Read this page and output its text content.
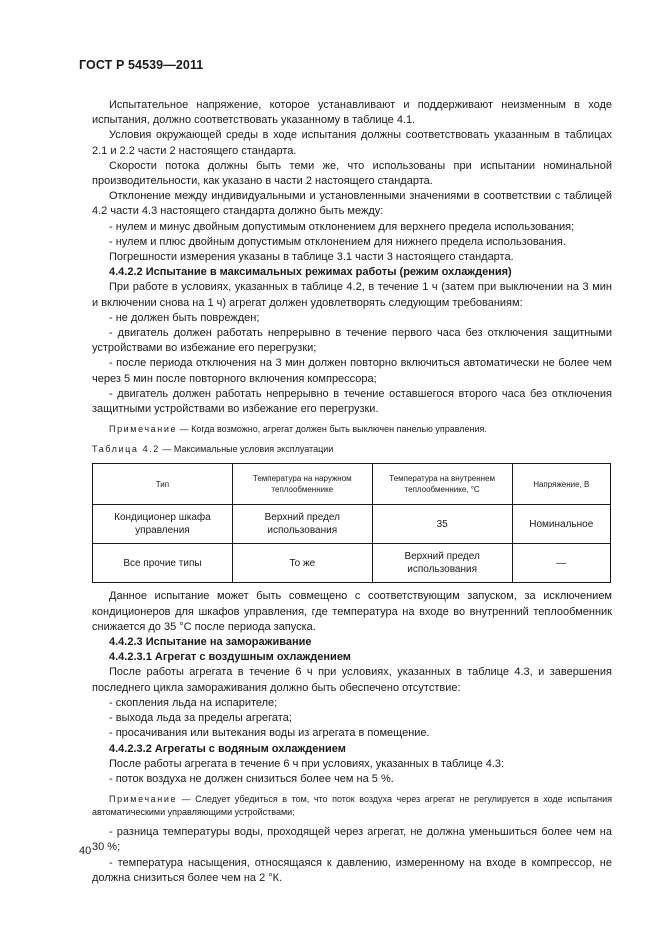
ГОСТ Р 54539—2011

Испытательное напряжение, которое устанавливают и поддерживают неизменным в ходе испытания, должно соответствовать указанному в таблице 4.1.

Условия окружающей среды в ходе испытания должны соответствовать указанным в таблицах 2.1 и 2.2 части 2 настоящего стандарта.

Скорости потока должны быть теми же, что использованы при испытании номинальной производительности, как указано в части 2 настоящего стандарта.

Отклонение между индивидуальными и установленными значениями в соответствии с таблицей 4.2 части 4.3 настоящего стандарта должно быть между:

- нулем и минус двойным допустимым отклонением для верхнего предела использования;

- нулем и плюс двойным допустимым отклонением для нижнего предела использования.

Погрешности измерения указаны в таблице 3.1 части 3 настоящего стандарта.

4.4.2.2 Испытание в максимальных режимах работы (режим охлаждения)

При работе в условиях, указанных в таблице 4.2, в течение 1 ч (затем при выключении на 3 мин и включении снова на 1 ч) агрегат должен удовлетворять следующим требованиям:

- не должен быть поврежден;

- двигатель должен работать непрерывно в течение первого часа без отключения защитными устройствами во избежание его перегрузки;

- после периода отключения на 3 мин должен повторно включиться автоматически не более чем через 5 мин после повторного включения компрессора;

- двигатель должен работать непрерывно в течение оставшегося второго часа без отключения защитными устройствами во избежание его перегрузки.

Примечание — Когда возможно, агрегат должен быть выключен панелью управления.
Таблица 4.2 — Максимальные условия эксплуатации
Тип	Температура на наружном теплообменнике	Температура на внутреннем теплообменнике, °С	Напряжение, В
Кондиционер шкафа управления	Верхний предел использования	35	Номинальное
Все прочие типы	То же	Верхний предел использования	—

Данное испытание может быть совмещено с соответствующим запуском, за исключением кондиционеров для шкафов управления, где температура на входе во внутренний теплообменник снижается до 35 °С после периода запуска.

4.4.2.3 Испытание на замораживание

4.4.2.3.1 Агрегат с воздушным охлаждением

После работы агрегата в течение 6 ч при условиях, указанных в таблице 4.3, и завершения последнего цикла замораживания должно быть обеспечено отсутствие:

- скопления льда на испарителе;

- выхода льда за пределы агрегата;

- просачивания или вытекания воды из агрегата в помещение.

4.4.2.3.2 Агрегаты с водяным охлаждением

После работы агрегата в течение 6 ч при условиях, указанных в таблице 4.3:

- поток воздуха не должен снизиться более чем на 5 %.

Примечание — Следует убедиться в том, что поток воздуха через агрегат не регулируется в ходе испытания автоматическими управляющими устройствами;

- разница температуры воды, проходящей через агрегат, не должна уменьшиться более чем на 30 %;

- температура насыщения, относящаяся к давлению, измеренному на входе в компрессор, не должна снизиться более чем на 2 °К.

40
